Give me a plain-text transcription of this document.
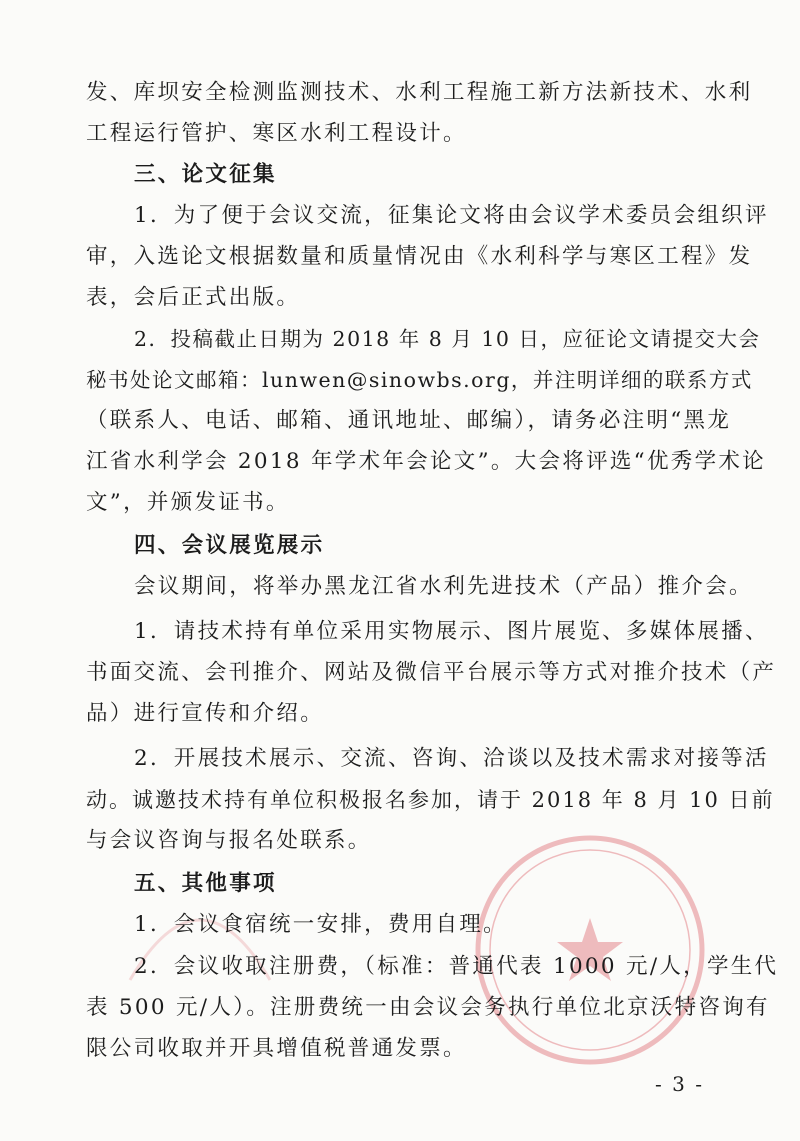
发、库坝安全检测监测技术、水利工程施工新方法新技术、水利
工程运行管护、寒区水利工程设计。
三、论文征集
1．为了便于会议交流，征集论文将由会议学术委员会组织评
审，入选论文根据数量和质量情况由《水利科学与寒区工程》发
表，会后正式出版。
2．投稿截止日期为 2018 年 8 月 10 日，应征论文请提交大会
秘书处论文邮箱：lunwen@sinowbs.org，并注明详细的联系方式
（联系人、电话、邮箱、通讯地址、邮编），请务必注明“黑龙
江省水利学会 2018 年学术年会论文”。大会将评选“优秀学术论
文”，并颁发证书。
四、会议展览展示
会议期间，将举办黑龙江省水利先进技术（产品）推介会。
1．请技术持有单位采用实物展示、图片展览、多媒体展播、
书面交流、会刊推介、网站及微信平台展示等方式对推介技术（产
品）进行宣传和介绍。
2．开展技术展示、交流、咨询、洽谈以及技术需求对接等活
动。诚邀技术持有单位积极报名参加，请于 2018 年 8 月 10 日前
与会议咨询与报名处联系。
五、其他事项
1．会议食宿统一安排，费用自理。
2．会议收取注册费，（标准：普通代表 1000 元/人，学生代
表 500 元/人）。注册费统一由会议会务执行单位北京沃特咨询有
限公司收取并开具增值税普通发票。
- 3 -
